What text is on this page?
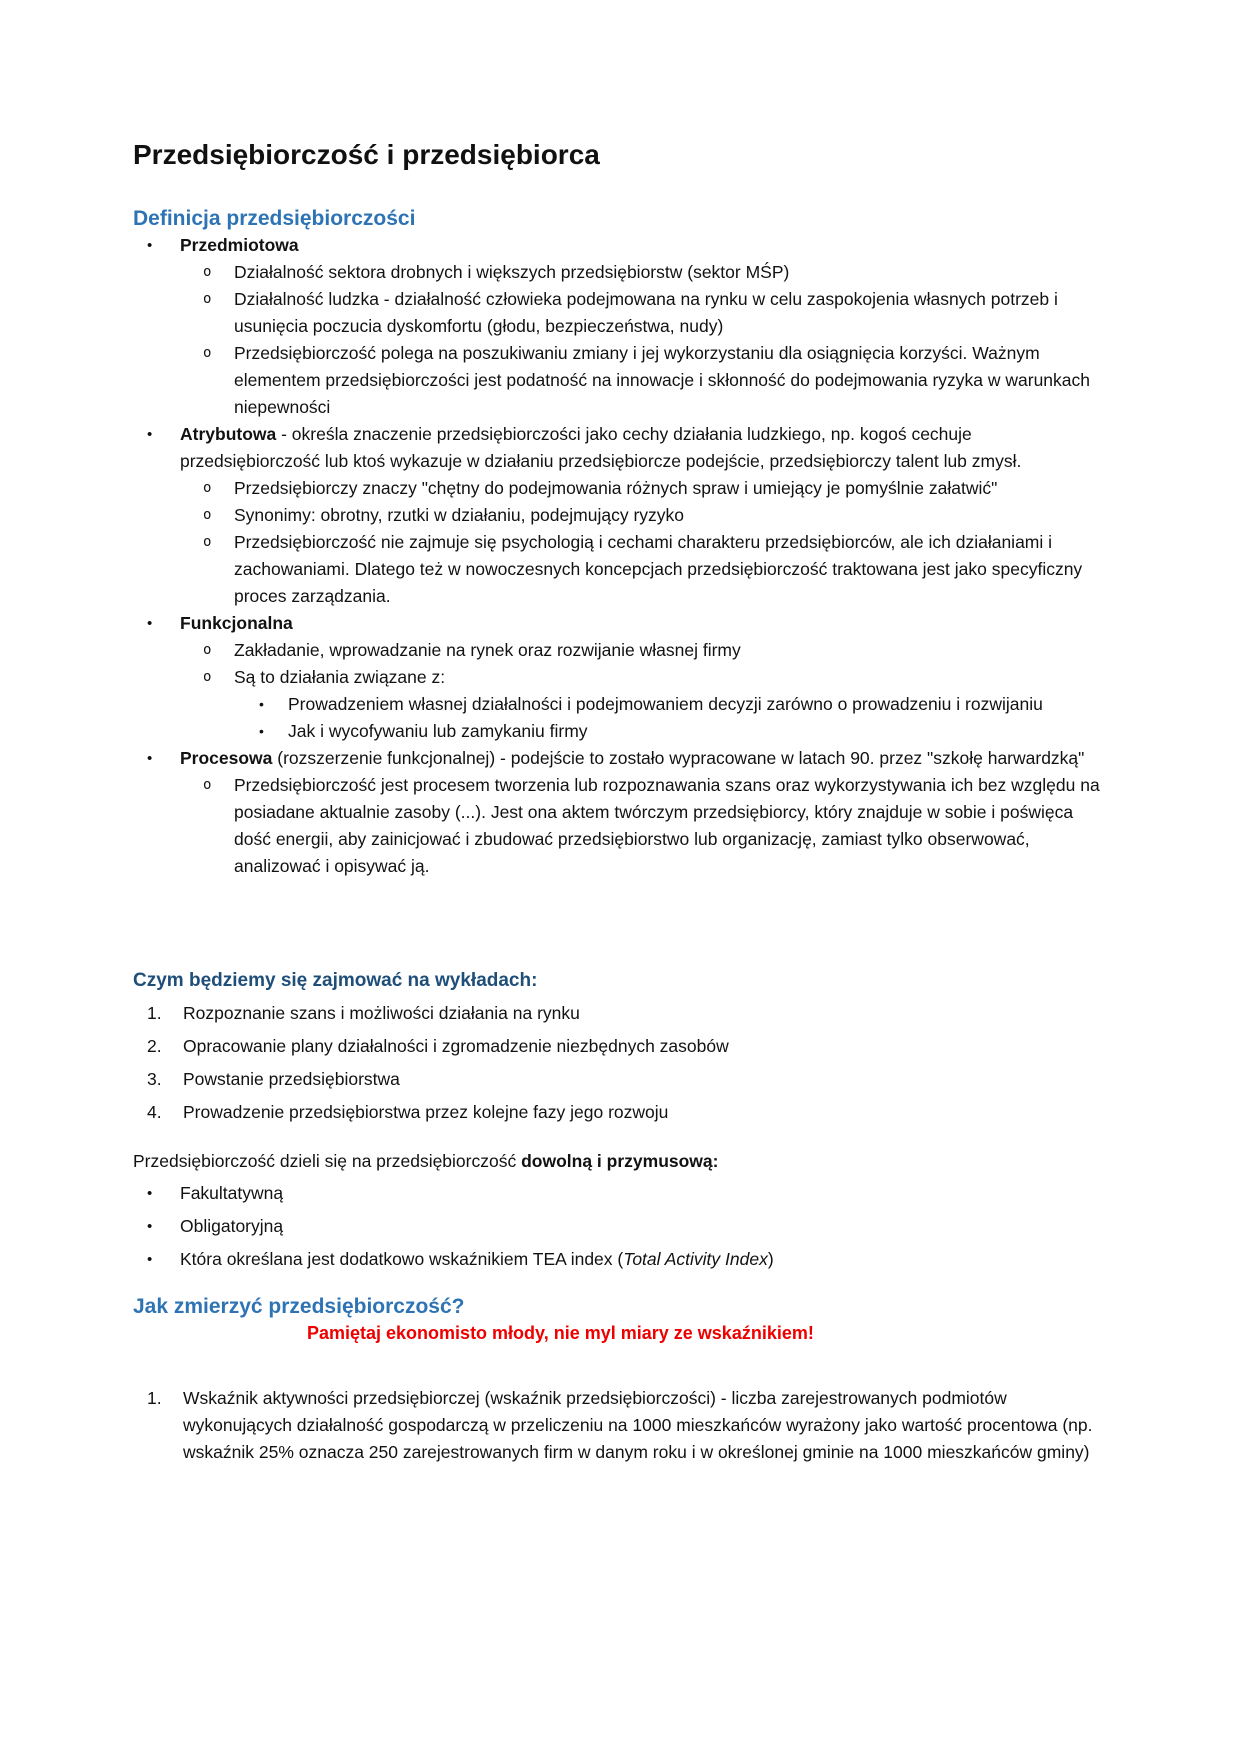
Przedsiębiorczość i przedsiębiorca
Definicja przedsiębiorczości
•	Przedmiotowa
o	Działalność sektora drobnych i większych przedsiębiorstw (sektor MŚP)
o	Działalność ludzka - działalność człowieka podejmowana na rynku w celu zaspokojenia własnych potrzeb i usunięcia poczucia dyskomfortu (głodu, bezpieczeństwa, nudy)
o	Przedsiębiorczość polega na poszukiwaniu zmiany i jej wykorzystaniu dla osiągnięcia korzyści. Ważnym elementem przedsiębiorczości jest podatność na innowacje i skłonność do podejmowania ryzyka w warunkach niepewności
•	Atrybutowa - określa znaczenie przedsiębiorczości jako cechy działania ludzkiego, np. kogoś cechuje przedsiębiorczość lub ktoś wykazuje w działaniu przedsiębiorcze podejście, przedsiębiorczy talent lub zmysł.
o	Przedsiębiorczy znaczy "chętny do podejmowania różnych spraw i umiejący je pomyślnie załatwić"
o	Synonimy: obrotny, rzutki w działaniu, podejmujący ryzyko
o	Przedsiębiorczość nie zajmuje się psychologią i cechami charakteru przedsiębiorców, ale ich działaniami i zachowaniami. Dlatego też w nowoczesnych koncepcjach przedsiębiorczość traktowana jest jako specyficzny proces zarządzania.
•	Funkcjonalna
o	Zakładanie, wprowadzanie na rynek oraz rozwijanie własnej firmy
o	Są to działania związane z:
•	Prowadzeniem własnej działalności i podejmowaniem decyzji zarówno o prowadzeniu i rozwijaniu
•	Jak i wycofywaniu lub zamykaniu firmy
•	Procesowa (rozszerzenie funkcjonalnej) - podejście to zostało wypracowane w latach 90. przez "szkołę harwardzką"
o	Przedsiębiorczość jest procesem tworzenia lub rozpoznawania szans oraz wykorzystywania ich bez względu na posiadane aktualnie zasoby (...). Jest ona aktem twórczym przedsiębiorcy, który znajduje w sobie i poświęca dość energii, aby zainicjować i zbudować przedsiębiorstwo lub organizację, zamiast tylko obserwować, analizować i opisywać ją.
Czym będziemy się zajmować na wykładach:
1.	Rozpoznanie szans i możliwości działania na rynku
2.	Opracowanie plany działalności i zgromadzenie niezbędnych zasobów
3.	Powstanie przedsiębiorstwa
4.	Prowadzenie przedsiębiorstwa przez kolejne fazy jego rozwoju

Przedsiębiorczość dzieli się na przedsiębiorczość dowolną i przymusową:

•	Fakultatywną
•	Obligatoryjną
•	Która określana jest dodatkowo wskaźnikiem TEA index (Total Activity Index)
Jak zmierzyć przedsiębiorczość?
Pamiętaj ekonomisto młody, nie myl miary ze wskaźnikiem!
1.	Wskaźnik aktywności przedsiębiorczej (wskaźnik przedsiębiorczości) - liczba zarejestrowanych podmiotów wykonujących działalność gospodarczą w przeliczeniu na 1000 mieszkańców wyrażony jako wartość procentowa (np. wskaźnik 25% oznacza 250 zarejestrowanych firm w danym roku i w określonej gminie na 1000 mieszkańców gminy)
